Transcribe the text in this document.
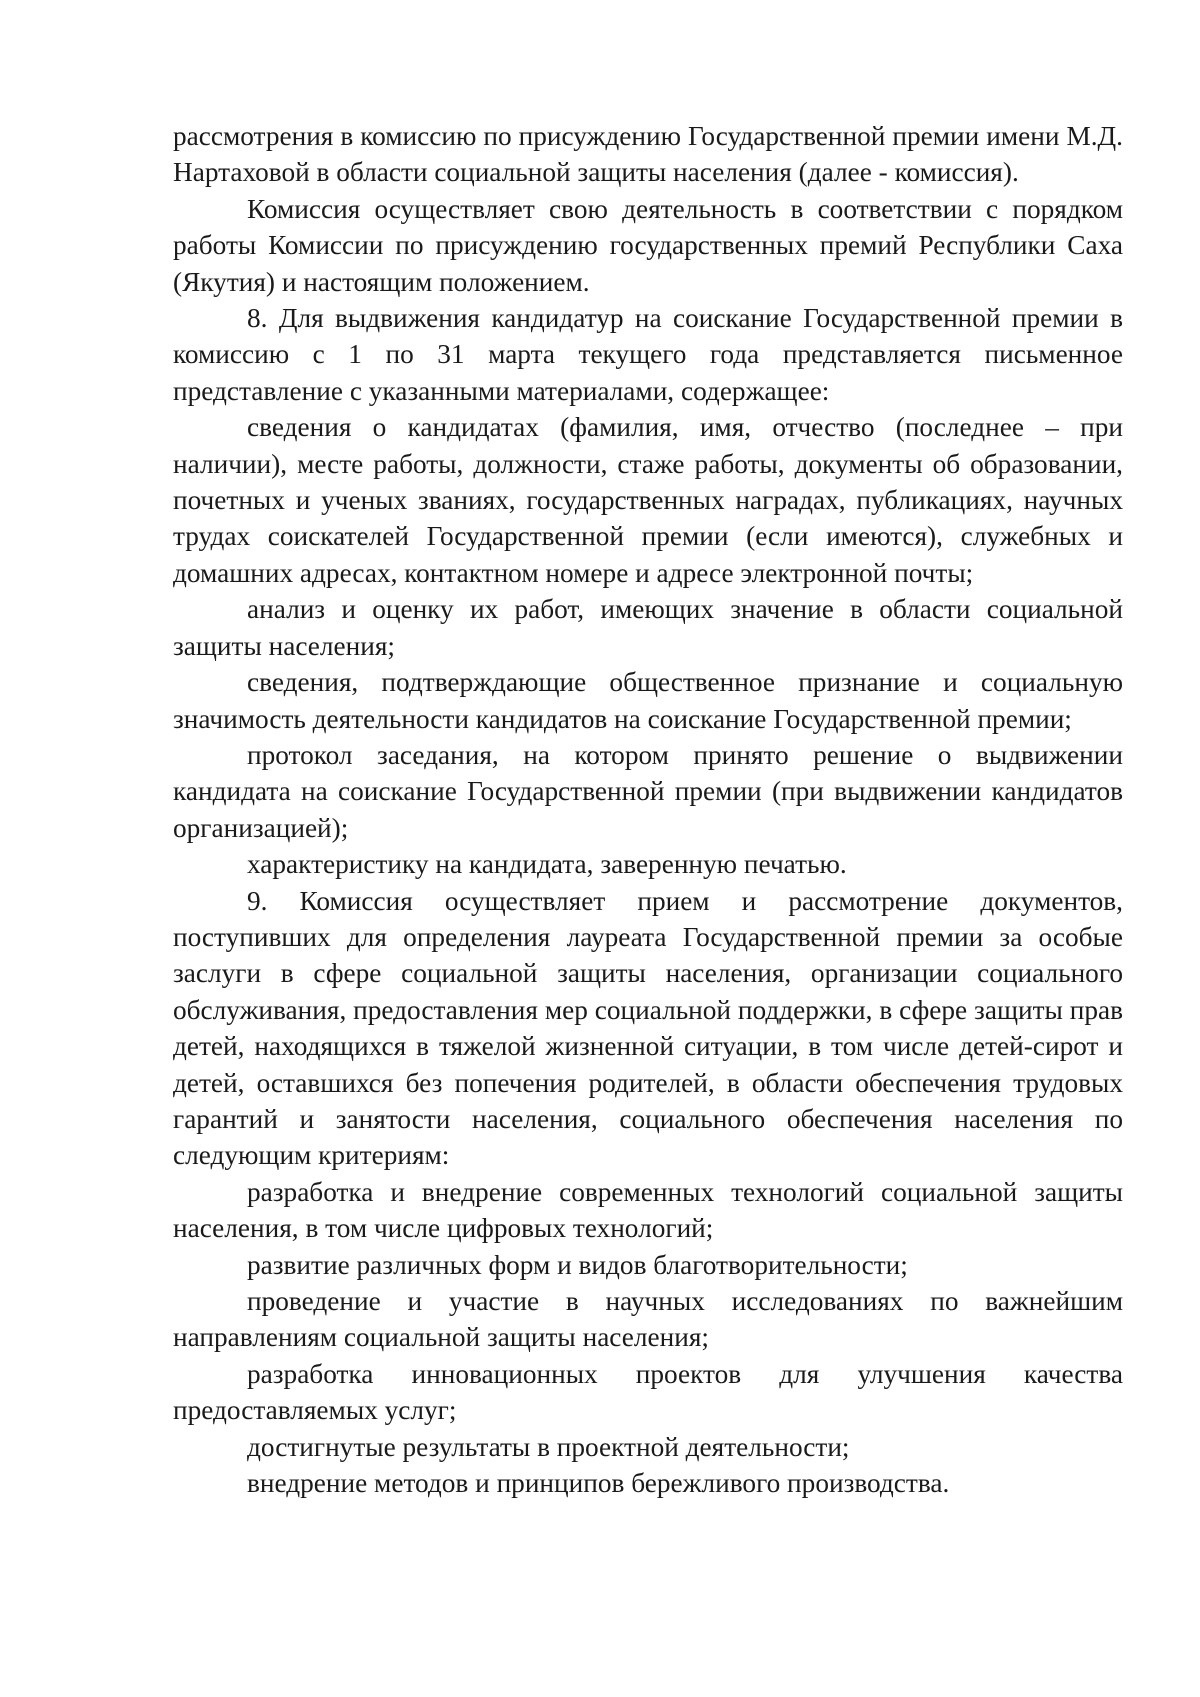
рассмотрения в комиссию по присуждению Государственной премии имени М.Д. Нартаховой в области социальной защиты населения (далее - комиссия).

Комиссия осуществляет свою деятельность в соответствии с порядком работы Комиссии по присуждению государственных премий Республики Саха (Якутия) и настоящим положением.

8. Для выдвижения кандидатур на соискание Государственной премии в комиссию с 1 по 31 марта текущего года представляется письменное представление с указанными материалами, содержащее:

сведения о кандидатах (фамилия, имя, отчество (последнее – при наличии), месте работы, должности, стаже работы, документы об образовании, почетных и ученых званиях, государственных наградах, публикациях, научных трудах соискателей Государственной премии (если имеются), служебных и домашних адресах, контактном номере и адресе электронной почты;

анализ и оценку их работ, имеющих значение в области социальной защиты населения;

сведения, подтверждающие общественное признание и социальную значимость деятельности кандидатов на соискание Государственной премии;

протокол заседания, на котором принято решение о выдвижении кандидата на соискание Государственной премии (при выдвижении кандидатов организацией);

характеристику на кандидата, заверенную печатью.

9. Комиссия осуществляет прием и рассмотрение документов, поступивших для определения лауреата Государственной премии за особые заслуги в сфере социальной защиты населения, организации социального обслуживания, предоставления мер социальной поддержки, в сфере защиты прав детей, находящихся в тяжелой жизненной ситуации, в том числе детей-сирот и детей, оставшихся без попечения родителей, в области обеспечения трудовых гарантий и занятости населения, социального обеспечения населения по следующим критериям:

разработка и внедрение современных технологий социальной защиты населения, в том числе цифровых технологий;

развитие различных форм и видов благотворительности;

проведение и участие в научных исследованиях по важнейшим направлениям социальной защиты населения;

разработка инновационных проектов для улучшения качества предоставляемых услуг;

достигнутые результаты в проектной деятельности;

внедрение методов и принципов бережливого производства.
